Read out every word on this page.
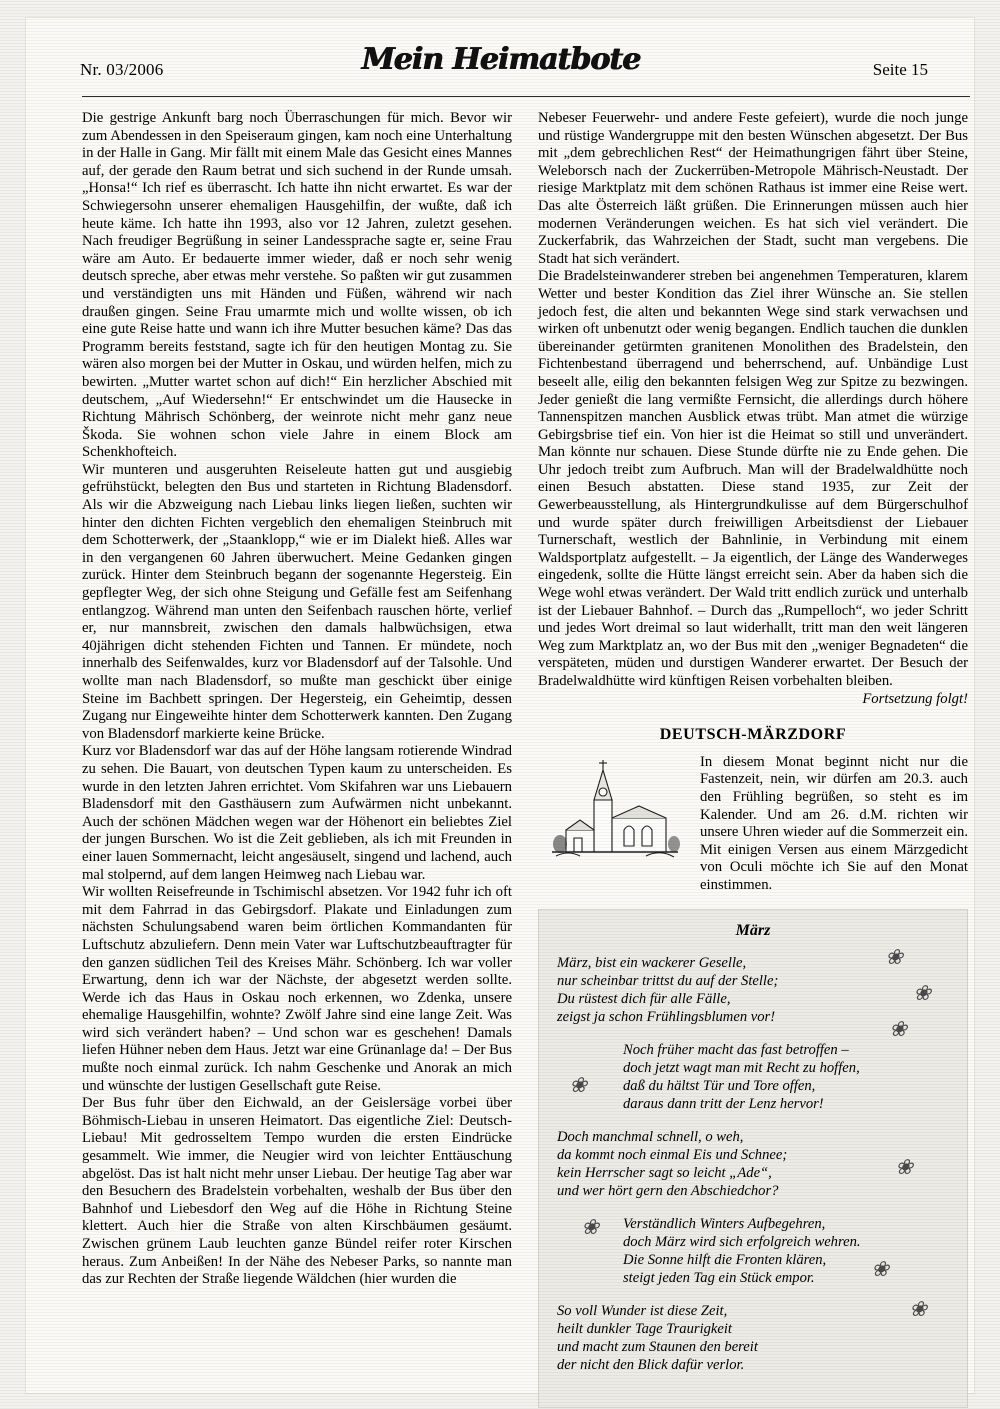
Nr. 03/2006	Mein Heimatbote	Seite 15

Die gestrige Ankunft barg noch Überraschungen für mich. Bevor wir zum Abendessen in den Speiseraum gingen, kam noch eine Unterhaltung in der Halle in Gang. Mir fällt mit einem Male das Gesicht eines Mannes auf, der gerade den Raum betrat und sich suchend in der Runde umsah. „Honsa!“ Ich rief es überrascht. Ich hatte ihn nicht erwartet. Es war der Schwiegersohn unserer ehemaligen Hausgehilfin, der wußte, daß ich heute käme. Ich hatte ihn 1993, also vor 12 Jahren, zuletzt gesehen. Nach freudiger Begrüßung in seiner Landessprache sagte er, seine Frau wäre am Auto. Er bedauerte immer wieder, daß er noch sehr wenig deutsch spreche, aber etwas mehr verstehe. So paßten wir gut zusammen und verständigten uns mit Händen und Füßen, während wir nach draußen gingen. Seine Frau umarmte mich und wollte wissen, ob ich eine gute Reise hatte und wann ich ihre Mutter besuchen käme? Das das Programm bereits feststand, sagte ich für den heutigen Montag zu. Sie wären also morgen bei der Mutter in Oskau, und würden helfen, mich zu bewirten. „Mutter wartet schon auf dich!“ Ein herzlicher Abschied mit deutschem, „Auf Wiedersehn!“ Er entschwindet um die Hausecke in Richtung Mährisch Schönberg, der weinrote nicht mehr ganz neue Škoda. Sie wohnen schon viele Jahre in einem Block am Schenkhofteich.

Wir munteren und ausgeruhten Reiseleute hatten gut und ausgiebig gefrühstückt, belegten den Bus und starteten in Richtung Bladensdorf. Als wir die Abzweigung nach Liebau links liegen ließen, suchten wir hinter den dichten Fichten vergeblich den ehemaligen Steinbruch mit dem Schotterwerk, der „Staanklopp,“ wie er im Dialekt hieß. Alles war in den vergangenen 60 Jahren überwuchert. Meine Gedanken gingen zurück. Hinter dem Steinbruch begann der sogenannte Hegersteig. Ein gepflegter Weg, der sich ohne Steigung und Gefälle fest am Seifenhang entlangzog. Während man unten den Seifenbach rauschen hörte, verlief er, nur mannsbreit, zwischen den damals halbwüchsigen, etwa 40jährigen dicht stehenden Fichten und Tannen. Er mündete, noch innerhalb des Seifenwaldes, kurz vor Bladensdorf auf der Talsohle. Und wollte man nach Bladensdorf, so mußte man geschickt über einige Steine im Bachbett springen. Der Hegersteig, ein Geheimtip, dessen Zugang nur Eingeweihte hinter dem Schotterwerk kannten. Den Zugang von Bladensdorf markierte keine Brücke.

Kurz vor Bladensdorf war das auf der Höhe langsam rotierende Windrad zu sehen. Die Bauart, von deutschen Typen kaum zu unterscheiden. Es wurde in den letzten Jahren errichtet. Vom Skifahren war uns Liebauern Bladensdorf mit den Gasthäusern zum Aufwärmen nicht unbekannt. Auch der schönen Mädchen wegen war der Höhenort ein beliebtes Ziel der jungen Burschen. Wo ist die Zeit geblieben, als ich mit Freunden in einer lauen Sommernacht, leicht angesäuselt, singend und lachend, auch mal stolpernd, auf dem langen Heimweg nach Liebau war.

Wir wollten Reisefreunde in Tschimischl absetzen. Vor 1942 fuhr ich oft mit dem Fahrrad in das Gebirgsdorf. Plakate und Einladungen zum nächsten Schulungsabend waren beim örtlichen Kommandanten für Luftschutz abzuliefern. Denn mein Vater war Luftschutzbeauftragter für den ganzen südlichen Teil des Kreises Mähr. Schönberg. Ich war voller Erwartung, denn ich war der Nächste, der abgesetzt werden sollte. Werde ich das Haus in Oskau noch erkennen, wo Zdenka, unsere ehemalige Hausgehilfin, wohnte? Zwölf Jahre sind eine lange Zeit. Was wird sich verändert haben? – Und schon war es geschehen! Damals liefen Hühner neben dem Haus. Jetzt war eine Grünanlage da! – Der Bus mußte noch einmal zurück. Ich nahm Geschenke und Anorak an mich und wünschte der lustigen Gesellschaft gute Reise.

Der Bus fuhr über den Eichwald, an der Geislersäge vorbei über Böhmisch-Liebau in unseren Heimatort. Das eigentliche Ziel: Deutsch-Liebau! Mit gedrosseltem Tempo wurden die ersten Eindrücke gesammelt. Wie immer, die Neugier wird von leichter Enttäuschung abgelöst. Das ist halt nicht mehr unser Liebau. Der heutige Tag aber war den Besuchern des Bradelstein vorbehalten, weshalb der Bus über den Bahnhof und Liebesdorf den Weg auf die Höhe in Richtung Steine klettert. Auch hier die Straße von alten Kirschbäumen gesäumt. Zwischen grünem Laub leuchten ganze Bündel reifer roter Kirschen heraus. Zum Anbeißen! In der Nähe des Nebeser Parks, so nannte man das zur Rechten der Straße liegende Wäldchen (hier wurden die

Nebeser Feuerwehr- und andere Feste gefeiert), wurde die noch junge und rüstige Wandergruppe mit den besten Wünschen abgesetzt. Der Bus mit „dem gebrechlichen Rest“ der Heimathungrigen fährt über Steine, Weleborsch nach der Zuckerrüben-Metropole Mährisch-Neustadt. Der riesige Marktplatz mit dem schönen Rathaus ist immer eine Reise wert. Das alte Österreich läßt grüßen. Die Erinnerungen müssen auch hier modernen Veränderungen weichen. Es hat sich viel verändert. Die Zuckerfabrik, das Wahrzeichen der Stadt, sucht man vergebens. Die Stadt hat sich verändert.

Die Bradelsteinwanderer streben bei angenehmen Temperaturen, klarem Wetter und bester Kondition das Ziel ihrer Wünsche an. Sie stellen jedoch fest, die alten und bekannten Wege sind stark verwachsen und wirken oft unbenutzt oder wenig begangen. Endlich tauchen die dunklen übereinander getürmten granitenen Monolithen des Bradelstein, den Fichtenbestand überragend und beherrschend, auf. Unbändige Lust beseelt alle, eilig den bekannten felsigen Weg zur Spitze zu bezwingen. Jeder genießt die lang vermißte Fernsicht, die allerdings durch höhere Tannenspitzen manchen Ausblick etwas trübt. Man atmet die würzige Gebirgsbrise tief ein. Von hier ist die Heimat so still und unverändert. Man könnte nur schauen. Diese Stunde dürfte nie zu Ende gehen. Die Uhr jedoch treibt zum Aufbruch. Man will der Bradelwaldhütte noch einen Besuch abstatten. Diese stand 1935, zur Zeit der Gewerbeausstellung, als Hintergrundkulisse auf dem Bürgerschulhof und wurde später durch freiwilligen Arbeitsdienst der Liebauer Turnerschaft, westlich der Bahnlinie, in Verbindung mit einem Waldsportplatz aufgestellt. – Ja eigentlich, der Länge des Wanderweges eingedenk, sollte die Hütte längst erreicht sein. Aber da haben sich die Wege wohl etwas verändert. Der Wald tritt endlich zurück und unterhalb ist der Liebauer Bahnhof. – Durch das „Rumpelloch“, wo jeder Schritt und jedes Wort dreimal so laut widerhallt, tritt man den weit längeren Weg zum Marktplatz an, wo der Bus mit den „weniger Begnadeten“ die verspäteten, müden und durstigen Wanderer erwartet. Der Besuch der Bradelwaldhütte wird künftigen Reisen vorbehalten bleiben.

Fortsetzung folgt!

DEUTSCH-MÄRZDORF
In diesem Monat beginnt nicht nur die Fastenzeit, nein, wir dürfen am 20.3. auch den Frühling begrüßen, so steht es im Kalender. Und am 26. d.M. richten wir unsere Uhren wieder auf die Sommerzeit ein. Mit einigen Versen aus einem Märzgedicht von Oculi möchte ich Sie auf den Monat einstimmen.
März
❀
❀
❀
❀
❀
❀
❀
❀
März, bist ein wackerer Geselle,
nur scheinbar trittst du auf der Stelle;
Du rüstest dich für alle Fälle,
zeigst ja schon Frühlingsblumen vor!
Noch früher macht das fast betroffen –
doch jetzt wagt man mit Recht zu hoffen,
daß du hältst Tür und Tore offen,
daraus dann tritt der Lenz hervor!
Doch manchmal schnell, o weh,
da kommt noch einmal Eis und Schnee;
kein Herrscher sagt so leicht „Ade“,
und wer hört gern den Abschiedchor?
Verständlich Winters Aufbegehren,
doch März wird sich erfolgreich wehren.
Die Sonne hilft die Fronten klären,
steigt jeden Tag ein Stück empor.
So voll Wunder ist diese Zeit,
heilt dunkler Tage Traurigkeit
und macht zum Staunen den bereit
der nicht den Blick dafür verlor.
